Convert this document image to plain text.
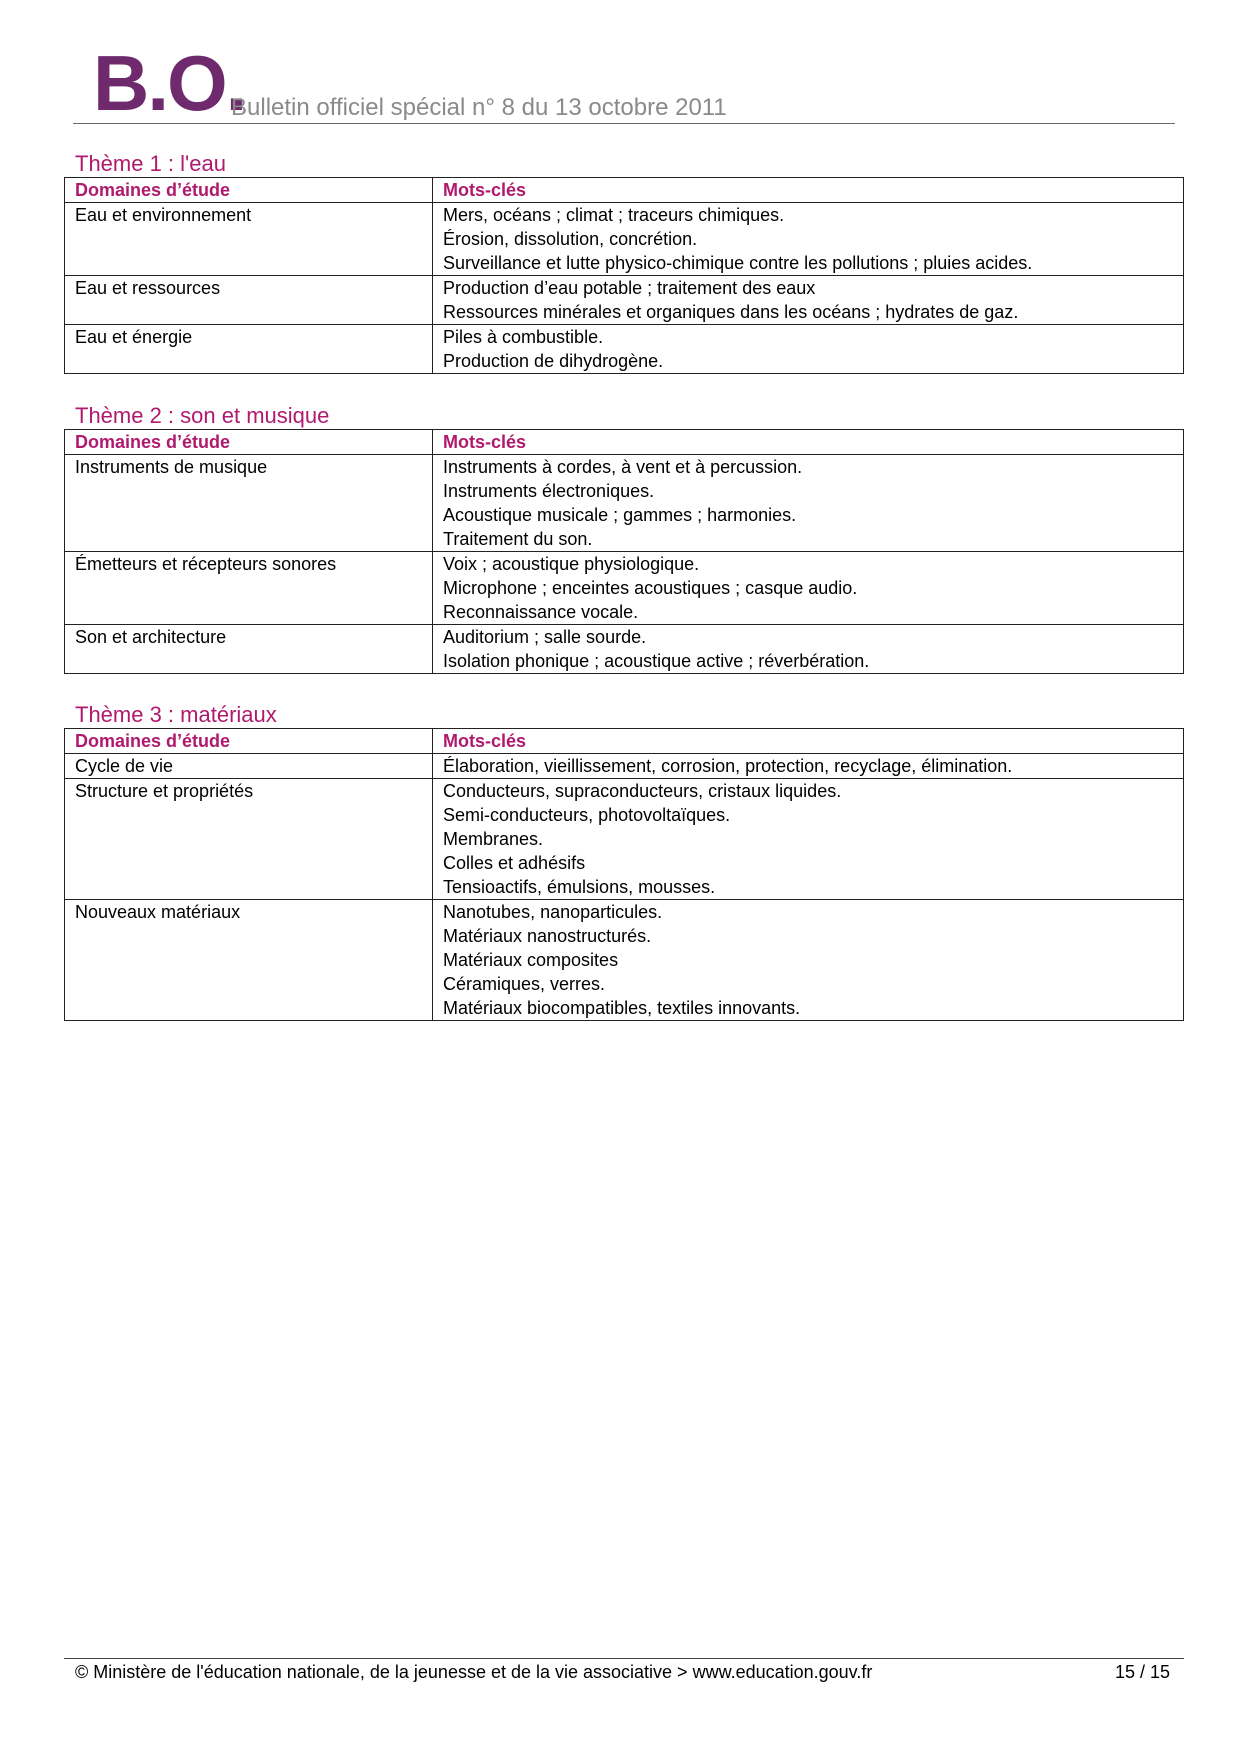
B.O.
Bulletin officiel spécial n° 8 du 13 octobre 2011
Thème 1 : l'eau
Domaines d’étude	Mots-clés
Eau et environnement	Mers, océans ; climat ; traceurs chimiques.
Érosion, dissolution, concrétion.
Surveillance et lutte physico-chimique contre les pollutions ; pluies acides.

Eau et ressources	Production d’eau potable ; traitement des eaux
Ressources minérales et organiques dans les océans ; hydrates de gaz.

Eau et énergie	Piles à combustible.
Production de dihydrogène.
Thème 2 : son et musique
Domaines d’étude	Mots-clés
Instruments de musique	Instruments à cordes, à vent et à percussion.
Instruments électroniques.
Acoustique musicale ; gammes ; harmonies.
Traitement du son.

Émetteurs et récepteurs sonores	Voix ; acoustique physiologique.
Microphone ; enceintes acoustiques ; casque audio.
Reconnaissance vocale.

Son et architecture	Auditorium ; salle sourde.
Isolation phonique ; acoustique active ; réverbération.
Thème 3 : matériaux
Domaines d’étude	Mots-clés
Cycle de vie	Élaboration, vieillissement, corrosion, protection, recyclage, élimination.

Structure et propriétés	Conducteurs, supraconducteurs, cristaux liquides.
Semi-conducteurs, photovoltaïques.
Membranes.
Colles et adhésifs
Tensioactifs, émulsions, mousses.

Nouveaux matériaux	Nanotubes, nanoparticules.
Matériaux nanostructurés.
Matériaux composites
Céramiques, verres.
Matériaux biocompatibles, textiles innovants.
© Ministère de l'éducation nationale, de la jeunesse et de la vie associative > www.education.gouv.fr	15 / 15
